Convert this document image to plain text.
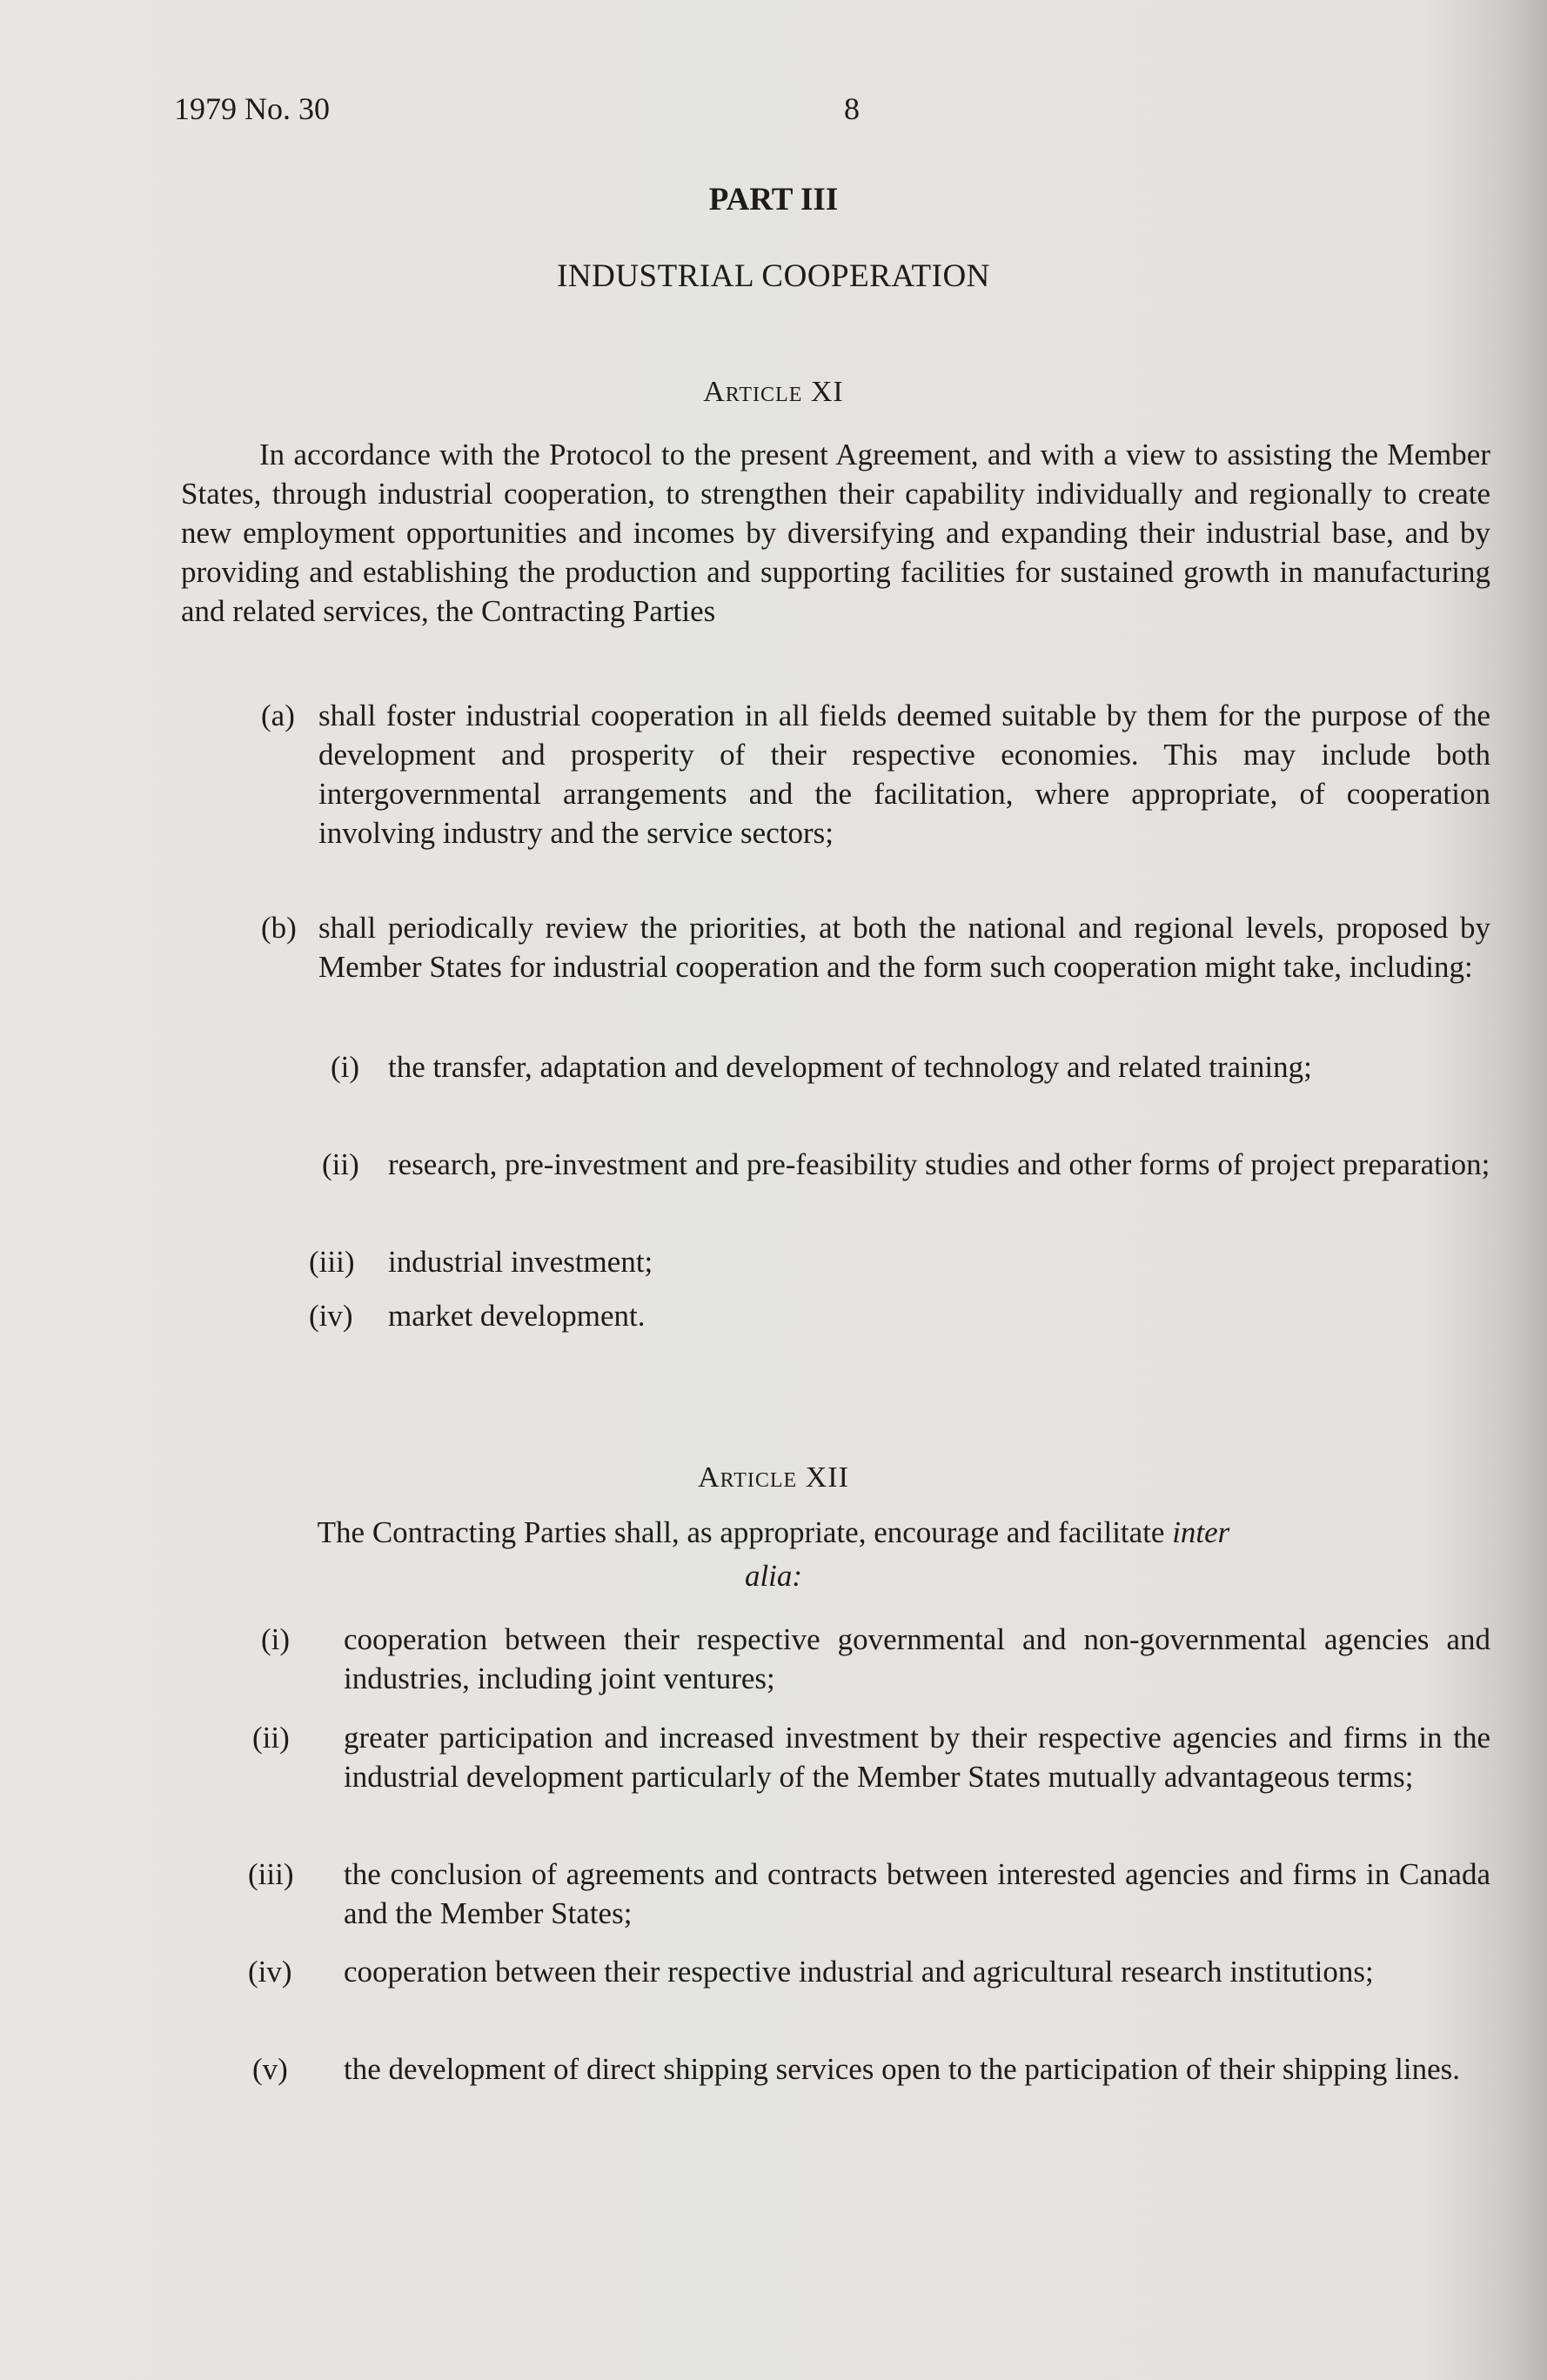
1979 No. 30	8
PART III
INDUSTRIAL COOPERATION
Article XI
In accordance with the Protocol to the present Agreement, and with a view to assisting the Member States, through industrial cooperation, to strengthen their capability individually and regionally to create new employment opportunities and incomes by diversifying and expanding their industrial base, and by providing and establishing the production and supporting facilities for sustained growth in manufacturing and related services, the Contracting Parties
(a) shall foster industrial cooperation in all fields deemed suitable by them for the purpose of the development and prosperity of their respective economies. This may include both intergovernmental arrangements and the facilitation, where appropriate, of cooperation involving industry and the service sectors;
(b) shall periodically review the priorities, at both the national and regional levels, proposed by Member States for industrial cooperation and the form such cooperation might take, including:
(i) the transfer, adaptation and development of technology and related training;
(ii) research, pre-investment and pre-feasibility studies and other forms of project preparation;
(iii) industrial investment;
(iv) market development.
Article XII
The Contracting Parties shall, as appropriate, encourage and facilitate inter
alia:
(i) cooperation between their respective governmental and non-governmental agencies and industries, including joint ventures;
(ii) greater participation and increased investment by their respective agencies and firms in the industrial development particularly of the Member States mutually advantageous terms;
(iii) the conclusion of agreements and contracts between interested agencies and firms in Canada and the Member States;
(iv) cooperation between their respective industrial and agricultural research institutions;
(v) the development of direct shipping services open to the participation of their shipping lines.
